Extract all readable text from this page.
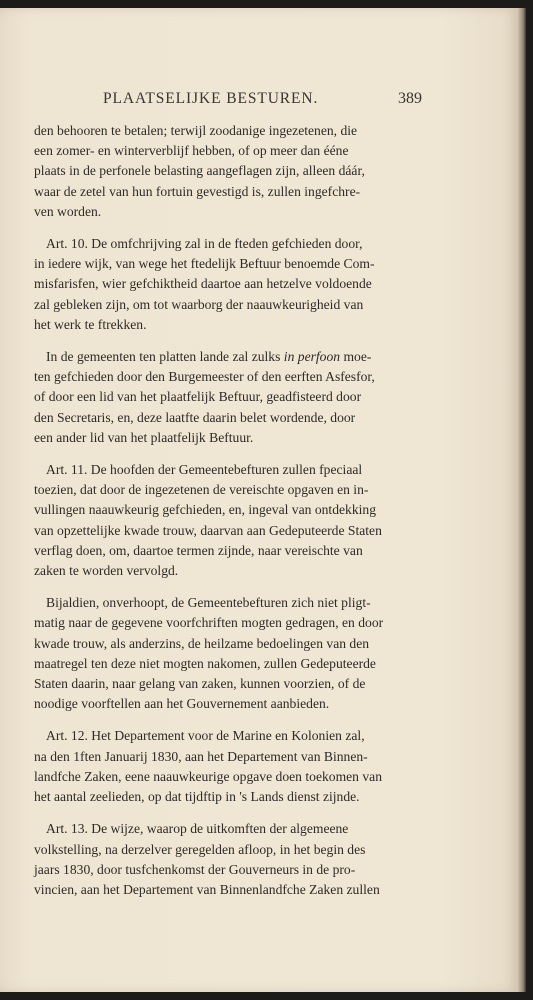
PLAATSELIJKE BESTUREN.	389
den behooren te betalen; terwijl zoodanige ingezetenen, die
een zomer- en winterverblijf hebben, of op meer dan ééne
plaats in de perfonele belasting aangeflagen zijn, alleen dáár,
waar de zetel van hun fortuin gevestigd is, zullen ingefchre-
ven worden.
Art. 10. De omfchrijving zal in de fteden gefchieden door,
in iedere wijk, van wege het ftedelijk Beftuur benoemde Com-
misfarisfen, wier gefchiktheid daartoe aan hetzelve voldoende
zal gebleken zijn, om tot waarborg der naauwkeurigheid van
het werk te ftrekken.
In de gemeenten ten platten lande zal zulks in perfoon moe-
ten gefchieden door den Burgemeester of den eerften Asfesfor,
of door een lid van het plaatfelijk Beftuur, geadfisteerd door
den Secretaris, en, deze laatfte daarin belet wordende, door
een ander lid van het plaatfelijk Beftuur.
Art. 11. De hoofden der Gemeentebefturen zullen fpeciaal
toezien, dat door de ingezetenen de vereischte opgaven en in-
vullingen naauwkeurig gefchieden, en, ingeval van ontdekking
van opzettelijke kwade trouw, daarvan aan Gedeputeerde Staten
verflag doen, om, daartoe termen zijnde, naar vereischte van
zaken te worden vervolgd.
Bijaldien, onverhoopt, de Gemeentebefturen zich niet pligt-
matig naar de gegevene voorfchriften mogten gedragen, en door
kwade trouw, als anderzins, de heilzame bedoelingen van den
maatregel ten deze niet mogten nakomen, zullen Gedeputeerde
Staten daarin, naar gelang van zaken, kunnen voorzien, of de
noodige voorftellen aan het Gouvernement aanbieden.
Art. 12. Het Departement voor de Marine en Kolonien zal,
na den 1ften Januarij 1830, aan het Departement van Binnen-
landfche Zaken, eene naauwkeurige opgave doen toekomen van
het aantal zeelieden, op dat tijdftip in 's Lands dienst zijnde.
Art. 13. De wijze, waarop de uitkomften der algemeene
volkstelling, na derzelver geregelden afloop, in het begin des
jaars 1830, door tusfchenkomst der Gouverneurs in de pro-
vincien, aan het Departement van Binnenlandfche Zaken zullen
